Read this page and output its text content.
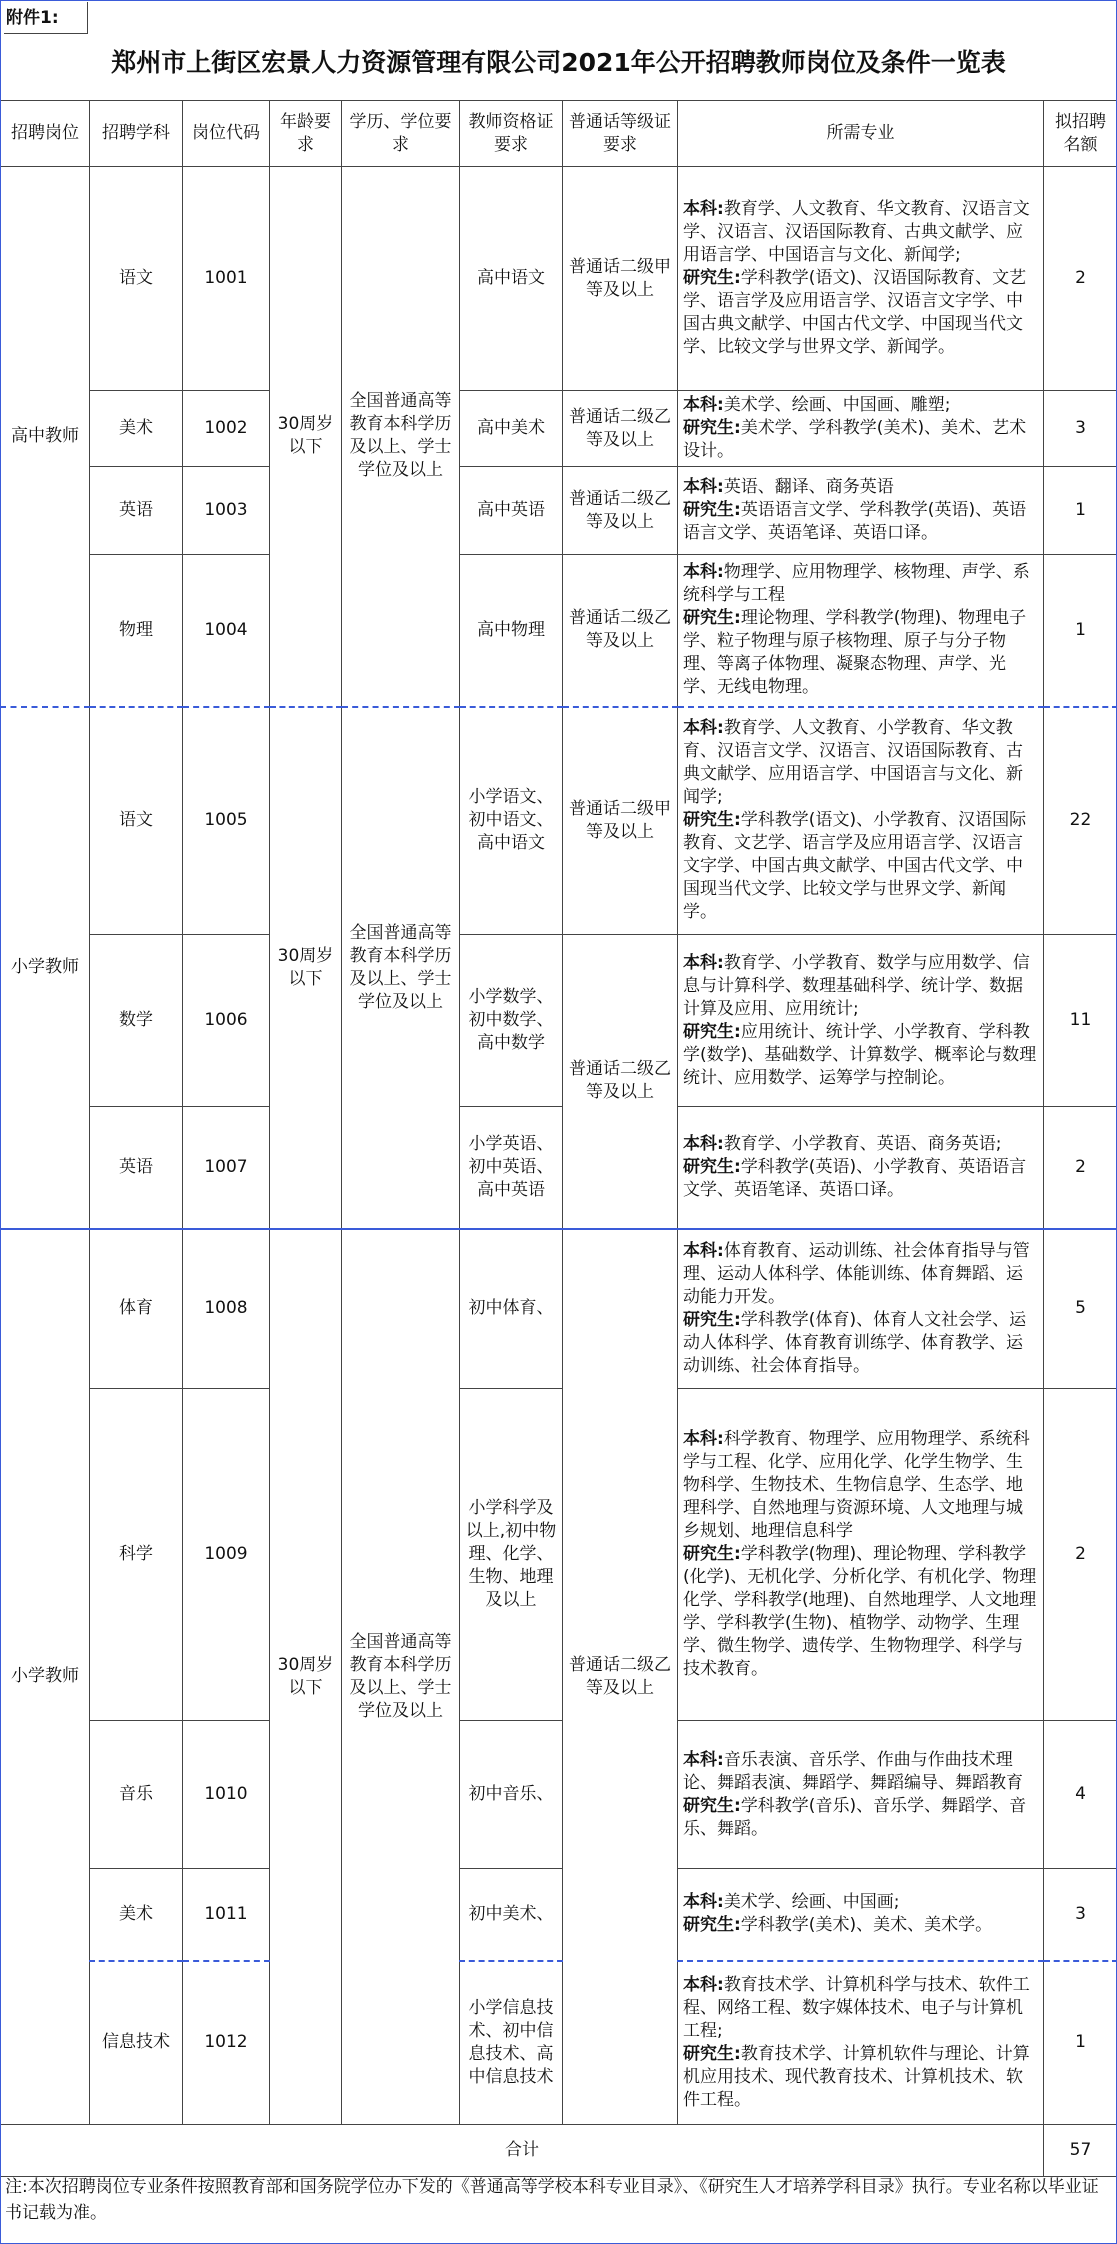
附件1:
郑州市上街区宏景人力资源管理有限公司2021年公开招聘教师岗位及条件一览表
招聘岗位	招聘学科	岗位代码	年龄要求	学历、学位要求	教师资格证要求	普通话等级证要求	所需专业	拟招聘名额
高中教师	语文	1001	30周岁以下	全国普通高等教育本科学历及以上、学士学位及以上	高中语文	普通话二级甲等及以上	本科:教育学、人文教育、华文教育、汉语言文学、汉语言、汉语国际教育、古典文献学、应用语言学、中国语言与文化、新闻学;
研究生:学科教学(语文)、汉语国际教育、文艺学、语言学及应用语言学、汉语言文字学、中国古典文献学、中国古代文学、中国现当代文学、比较文学与世界文学、新闻学。	2
	美术	1002			高中美术	普通话二级乙等及以上	本科:美术学、绘画、中国画、雕塑;
研究生:美术学、学科教学(美术)、美术、艺术设计。	3
	英语	1003			高中英语	普通话二级乙等及以上	本科:英语、翻译、商务英语
研究生:英语语言文学、学科教学(英语)、英语语言文学、英语笔译、英语口译。	1
	物理	1004			高中物理	普通话二级乙等及以上	本科:物理学、应用物理学、核物理、声学、系统科学与工程
研究生:理论物理、学科教学(物理)、物理电子学、粒子物理与原子核物理、原子与分子物理、等离子体物理、凝聚态物理、声学、光学、无线电物理。	1
小学教师	语文	1005	30周岁以下	全国普通高等教育本科学历及以上、学士学位及以上	小学语文、初中语文、高中语文	普通话二级甲等及以上	本科:教育学、人文教育、小学教育、华文教育、汉语言文学、汉语言、汉语国际教育、古典文献学、应用语言学、中国语言与文化、新闻学;
研究生:学科教学(语文)、小学教育、汉语国际教育、文艺学、语言学及应用语言学、汉语言文字学、中国古典文献学、中国古代文学、中国现当代文学、比较文学与世界文学、新闻学。	22
	数学	1006			小学数学、初中数学、高中数学	普通话二级乙等及以上	本科:教育学、小学教育、数学与应用数学、信息与计算科学、数理基础科学、统计学、数据计算及应用、应用统计;
研究生:应用统计、统计学、小学教育、学科教学(数学)、基础数学、计算数学、概率论与数理统计、应用数学、运筹学与控制论。	11
	英语	1007			小学英语、初中英语、高中英语		本科:教育学、小学教育、英语、商务英语;
研究生:学科教学(英语)、小学教育、英语语言文学、英语笔译、英语口译。	2
小学教师	体育	1008	30周岁以下	全国普通高等教育本科学历及以上、学士学位及以上	初中体育、	普通话二级乙等及以上	本科:体育教育、运动训练、社会体育指导与管理、运动人体科学、体能训练、体育舞蹈、运动能力开发。
研究生:学科教学(体育)、体育人文社会学、运动人体科学、体育教育训练学、体育教学、运动训练、社会体育指导。	5
	科学	1009			小学科学及以上,初中物理、化学、生物、地理及以上		本科:科学教育、物理学、应用物理学、系统科学与工程、化学、应用化学、化学生物学、生物科学、生物技术、生物信息学、生态学、地理科学、自然地理与资源环境、人文地理与城乡规划、地理信息科学
研究生:学科教学(物理)、理论物理、学科教学(化学)、无机化学、分析化学、有机化学、物理化学、学科教学(地理)、自然地理学、人文地理学、学科教学(生物)、植物学、动物学、生理学、微生物学、遗传学、生物物理学、科学与技术教育。	2
	音乐	1010			初中音乐、		本科:音乐表演、音乐学、作曲与作曲技术理论、舞蹈表演、舞蹈学、舞蹈编导、舞蹈教育
研究生:学科教学(音乐)、音乐学、舞蹈学、音乐、舞蹈。	4
	美术	1011			初中美术、		本科:美术学、绘画、中国画;
研究生:学科教学(美术)、美术、美术学。	3
	信息技术	1012			小学信息技术、初中信息技术、高中信息技术		本科:教育技术学、计算机科学与技术、软件工程、网络工程、数字媒体技术、电子与计算机工程;
研究生:教育技术学、计算机软件与理论、计算机应用技术、现代教育技术、计算机技术、软件工程。	1
合计								57
注:本次招聘岗位专业条件按照教育部和国务院学位办下发的《普通高等学校本科专业目录》、《研究生人才培养学科目录》执行。专业名称以毕业证书记载为准。
